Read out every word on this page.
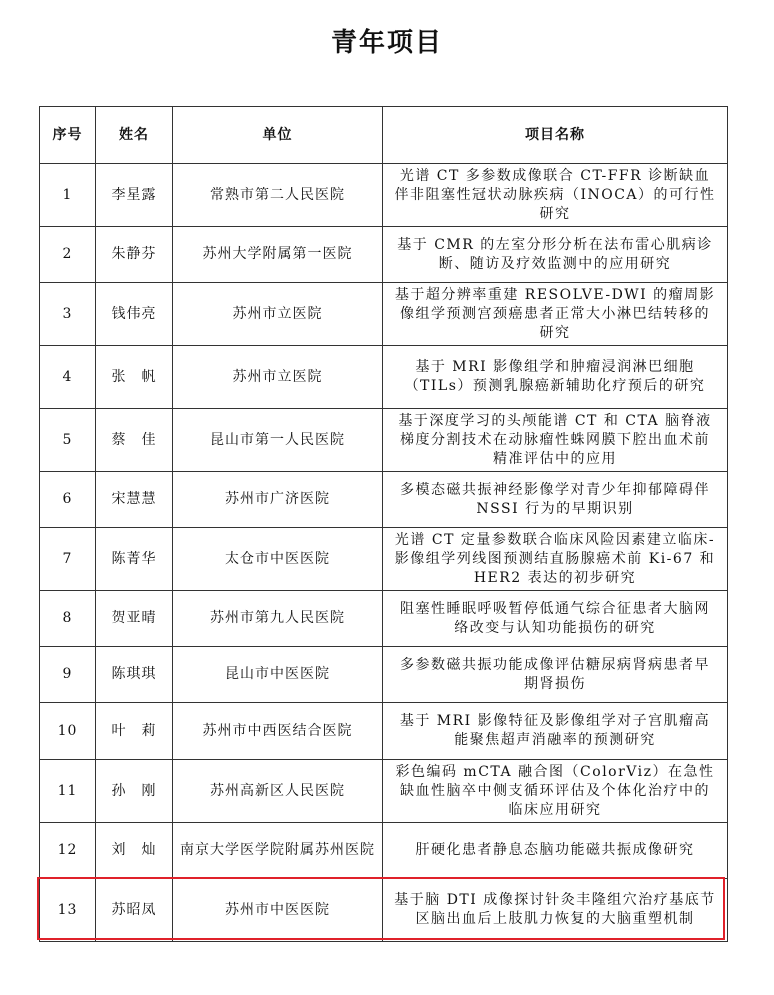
青年项目
序号	姓名	单位	项目名称
1	李星露	常熟市第二人民医院	光谱 CT 多参数成像联合 CT-FFR 诊断缺血伴非阻塞性冠状动脉疾病（INOCA）的可行性研究
2	朱静芬	苏州大学附属第一医院	基于 CMR 的左室分形分析在法布雷心肌病诊断、随访及疗效监测中的应用研究
3	钱伟亮	苏州市立医院	基于超分辨率重建 RESOLVE-DWI 的瘤周影像组学预测宫颈癌患者正常大小淋巴结转移的研究
4	张　帆	苏州市立医院	基于 MRI 影像组学和肿瘤浸润淋巴细胞（TILs）预测乳腺癌新辅助化疗预后的研究
5	蔡　佳	昆山市第一人民医院	基于深度学习的头颅能谱 CT 和 CTA 脑脊液梯度分割技术在动脉瘤性蛛网膜下腔出血术前精准评估中的应用
6	宋慧慧	苏州市广济医院	多模态磁共振神经影像学对青少年抑郁障碍伴 NSSI 行为的早期识别
7	陈菁华	太仓市中医医院	光谱 CT 定量参数联合临床风险因素建立临床-影像组学列线图预测结直肠腺癌术前 Ki-67 和 HER2 表达的初步研究
8	贺亚晴	苏州市第九人民医院	阻塞性睡眠呼吸暂停低通气综合征患者大脑网络改变与认知功能损伤的研究
9	陈琪琪	昆山市中医医院	多参数磁共振功能成像评估糖尿病肾病患者早期肾损伤
10	叶　莉	苏州市中西医结合医院	基于 MRI 影像特征及影像组学对子宫肌瘤高能聚焦超声消融率的预测研究
11	孙　刚	苏州高新区人民医院	彩色编码 mCTA 融合图（ColorViz）在急性缺血性脑卒中侧支循环评估及个体化治疗中的临床应用研究
12	刘　灿	南京大学医学院附属苏州医院	肝硬化患者静息态脑功能磁共振成像研究
13	苏昭凤	苏州市中医医院	基于脑 DTI 成像探讨针灸丰隆组穴治疗基底节区脑出血后上肢肌力恢复的大脑重塑机制
